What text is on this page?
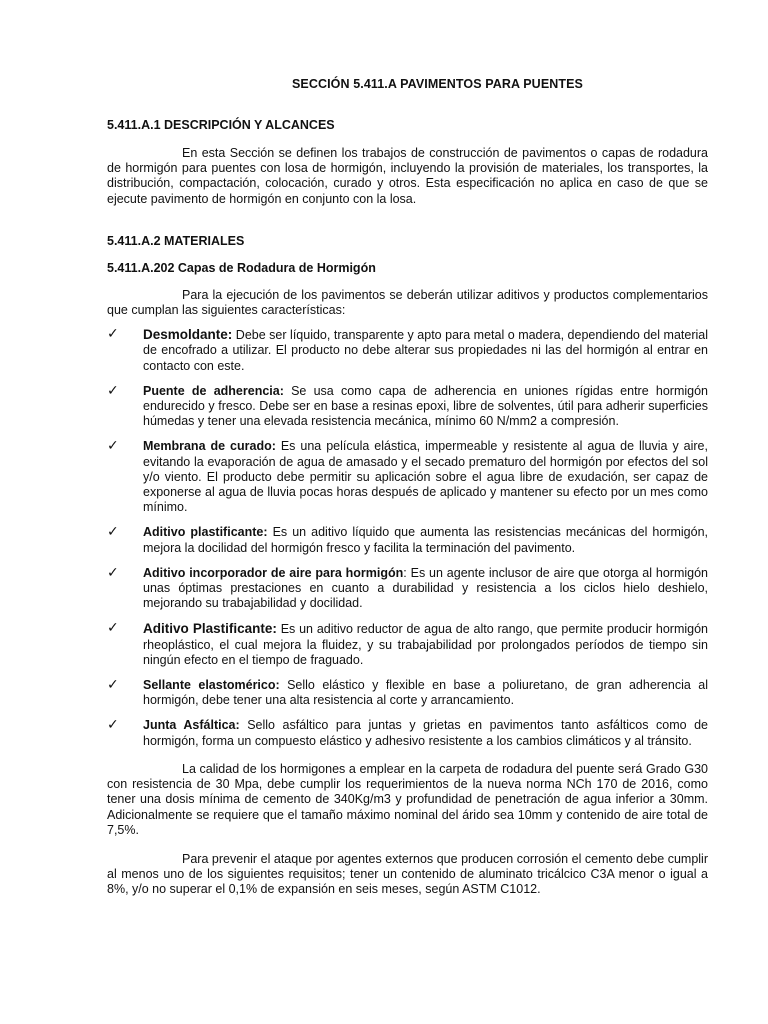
SECCIÓN 5.411.A PAVIMENTOS PARA PUENTES
5.411.A.1 DESCRIPCIÓN Y ALCANCES

En esta Sección se definen los trabajos de construcción de pavimentos o capas de rodadura de hormigón para puentes con losa de hormigón, incluyendo la provisión de materiales, los transportes, la distribución, compactación, colocación, curado y otros. Esta especificación no aplica en caso de que se ejecute pavimento de hormigón en conjunto con la losa.

5.411.A.2 MATERIALES
5.411.A.202 Capas de Rodadura de Hormigón

Para la ejecución de los pavimentos se deberán utilizar aditivos y productos complementarios que cumplan las siguientes características:

✓ Desmoldante: Debe ser líquido, transparente y apto para metal o madera, dependiendo del material de encofrado a utilizar. El producto no debe alterar sus propiedades ni las del hormigón al entrar en contacto con este.
✓ Puente de adherencia: Se usa como capa de adherencia en uniones rígidas entre hormigón endurecido y fresco. Debe ser en base a resinas epoxi, libre de solventes, útil para adherir superficies húmedas y tener una elevada resistencia mecánica, mínimo 60 N/mm2 a compresión.
✓ Membrana de curado: Es una película elástica, impermeable y resistente al agua de lluvia y aire, evitando la evaporación de agua de amasado y el secado prematuro del hormigón por efectos del sol y/o viento. El producto debe permitir su aplicación sobre el agua libre de exudación, ser capaz de exponerse al agua de lluvia pocas horas después de aplicado y mantener su efecto por un mes como mínimo.
✓ Aditivo plastificante: Es un aditivo líquido que aumenta las resistencias mecánicas del hormigón, mejora la docilidad del hormigón fresco y facilita la terminación del pavimento.
✓ Aditivo incorporador de aire para hormigón: Es un agente inclusor de aire que otorga al hormigón unas óptimas prestaciones en cuanto a durabilidad y resistencia a los ciclos hielo deshielo, mejorando su trabajabilidad y docilidad.
✓ Aditivo Plastificante: Es un aditivo reductor de agua de alto rango, que permite producir hormigón rheoplástico, el cual mejora la fluidez, y su trabajabilidad por prolongados períodos de tiempo sin ningún efecto en el tiempo de fraguado.
✓ Sellante elastomérico: Sello elástico y flexible en base a poliuretano, de gran adherencia al hormigón, debe tener una alta resistencia al corte y arrancamiento.
✓ Junta Asfáltica: Sello asfáltico para juntas y grietas en pavimentos tanto asfálticos como de hormigón, forma un compuesto elástico y adhesivo resistente a los cambios climáticos y al tránsito.

La calidad de los hormigones a emplear en la carpeta de rodadura del puente será Grado G30 con resistencia de 30 Mpa, debe cumplir los requerimientos de la nueva norma NCh 170 de 2016, como tener una dosis mínima de cemento de 340Kg/m3 y profundidad de penetración de agua inferior a 30mm. Adicionalmente se requiere que el tamaño máximo nominal del árido sea 10mm y contenido de aire total de 7,5%.

Para prevenir el ataque por agentes externos que producen corrosión el cemento debe cumplir al menos uno de los siguientes requisitos; tener un contenido de aluminato tricálcico C3A menor o igual a 8%, y/o no superar el 0,1% de expansión en seis meses, según ASTM C1012.
